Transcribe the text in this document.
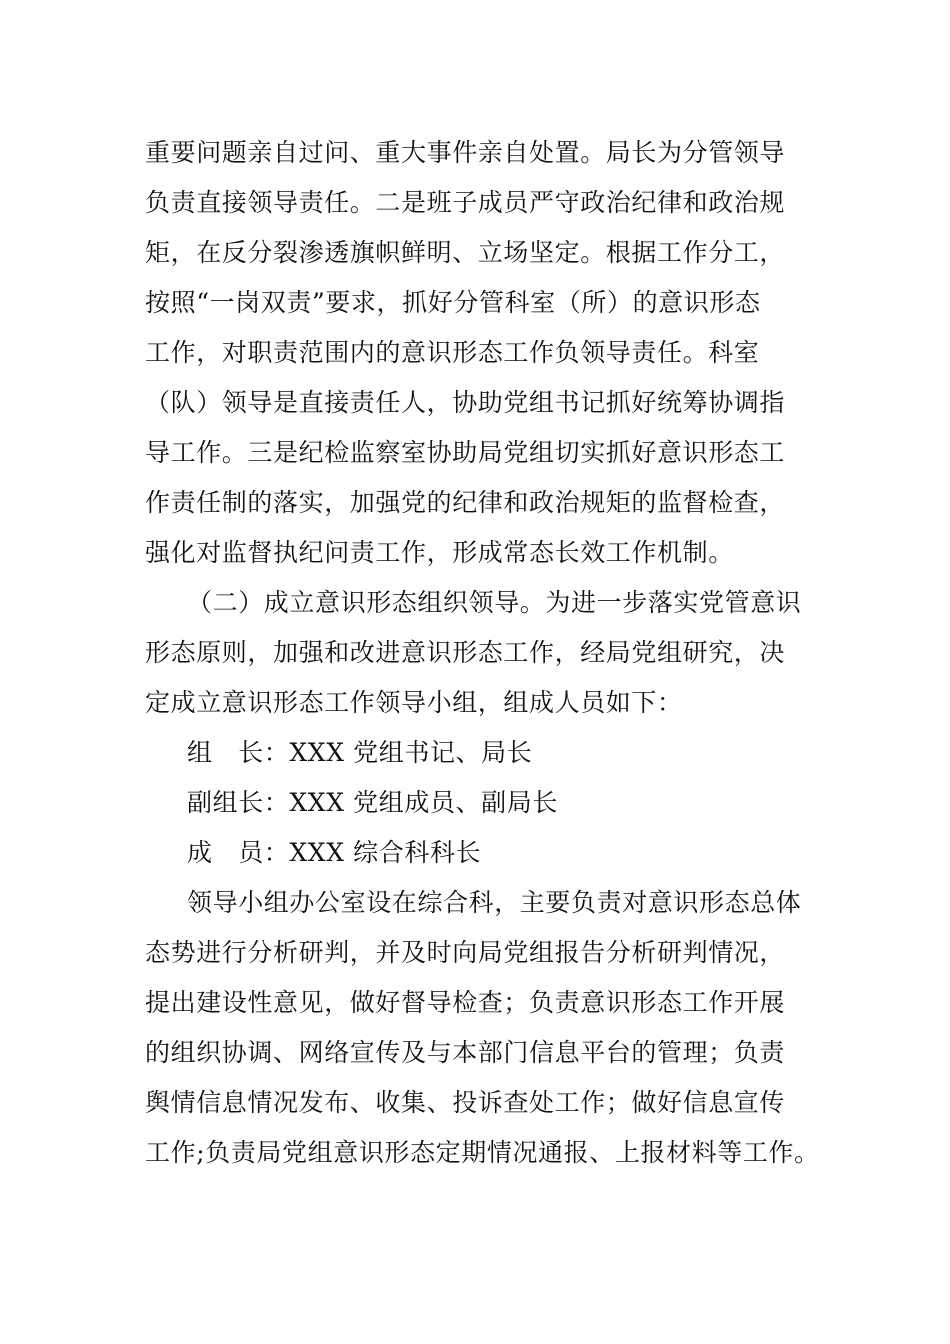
重要问题亲自过问、重大事件亲自处置。局长为分管领导
负责直接领导责任。二是班子成员严守政治纪律和政治规
矩，在反分裂渗透旗帜鲜明、立场坚定。根据工作分工，
按照“一岗双责”要求，抓好分管科室（所）的意识形态
工作，对职责范围内的意识形态工作负领导责任。科室
（队）领导是直接责任人，协助党组书记抓好统筹协调指
导工作。三是纪检监察室协助局党组切实抓好意识形态工
作责任制的落实，加强党的纪律和政治规矩的监督检查，
强化对监督执纪问责工作，形成常态长效工作机制。
（二）成立意识形态组织领导。为进一步落实党管意识
形态原则，加强和改进意识形态工作，经局党组研究，决
定成立意识形态工作领导小组，组成人员如下：
组　长：XXX 党组书记、局长
副组长：XXX 党组成员、副局长
成　员：XXX 综合科科长
领导小组办公室设在综合科，主要负责对意识形态总体
态势进行分析研判，并及时向局党组报告分析研判情况，
提出建设性意见，做好督导检查；负责意识形态工作开展
的组织协调、网络宣传及与本部门信息平台的管理；负责
舆情信息情况发布、收集、投诉查处工作；做好信息宣传
工作;负责局党组意识形态定期情况通报、上报材料等工作。
